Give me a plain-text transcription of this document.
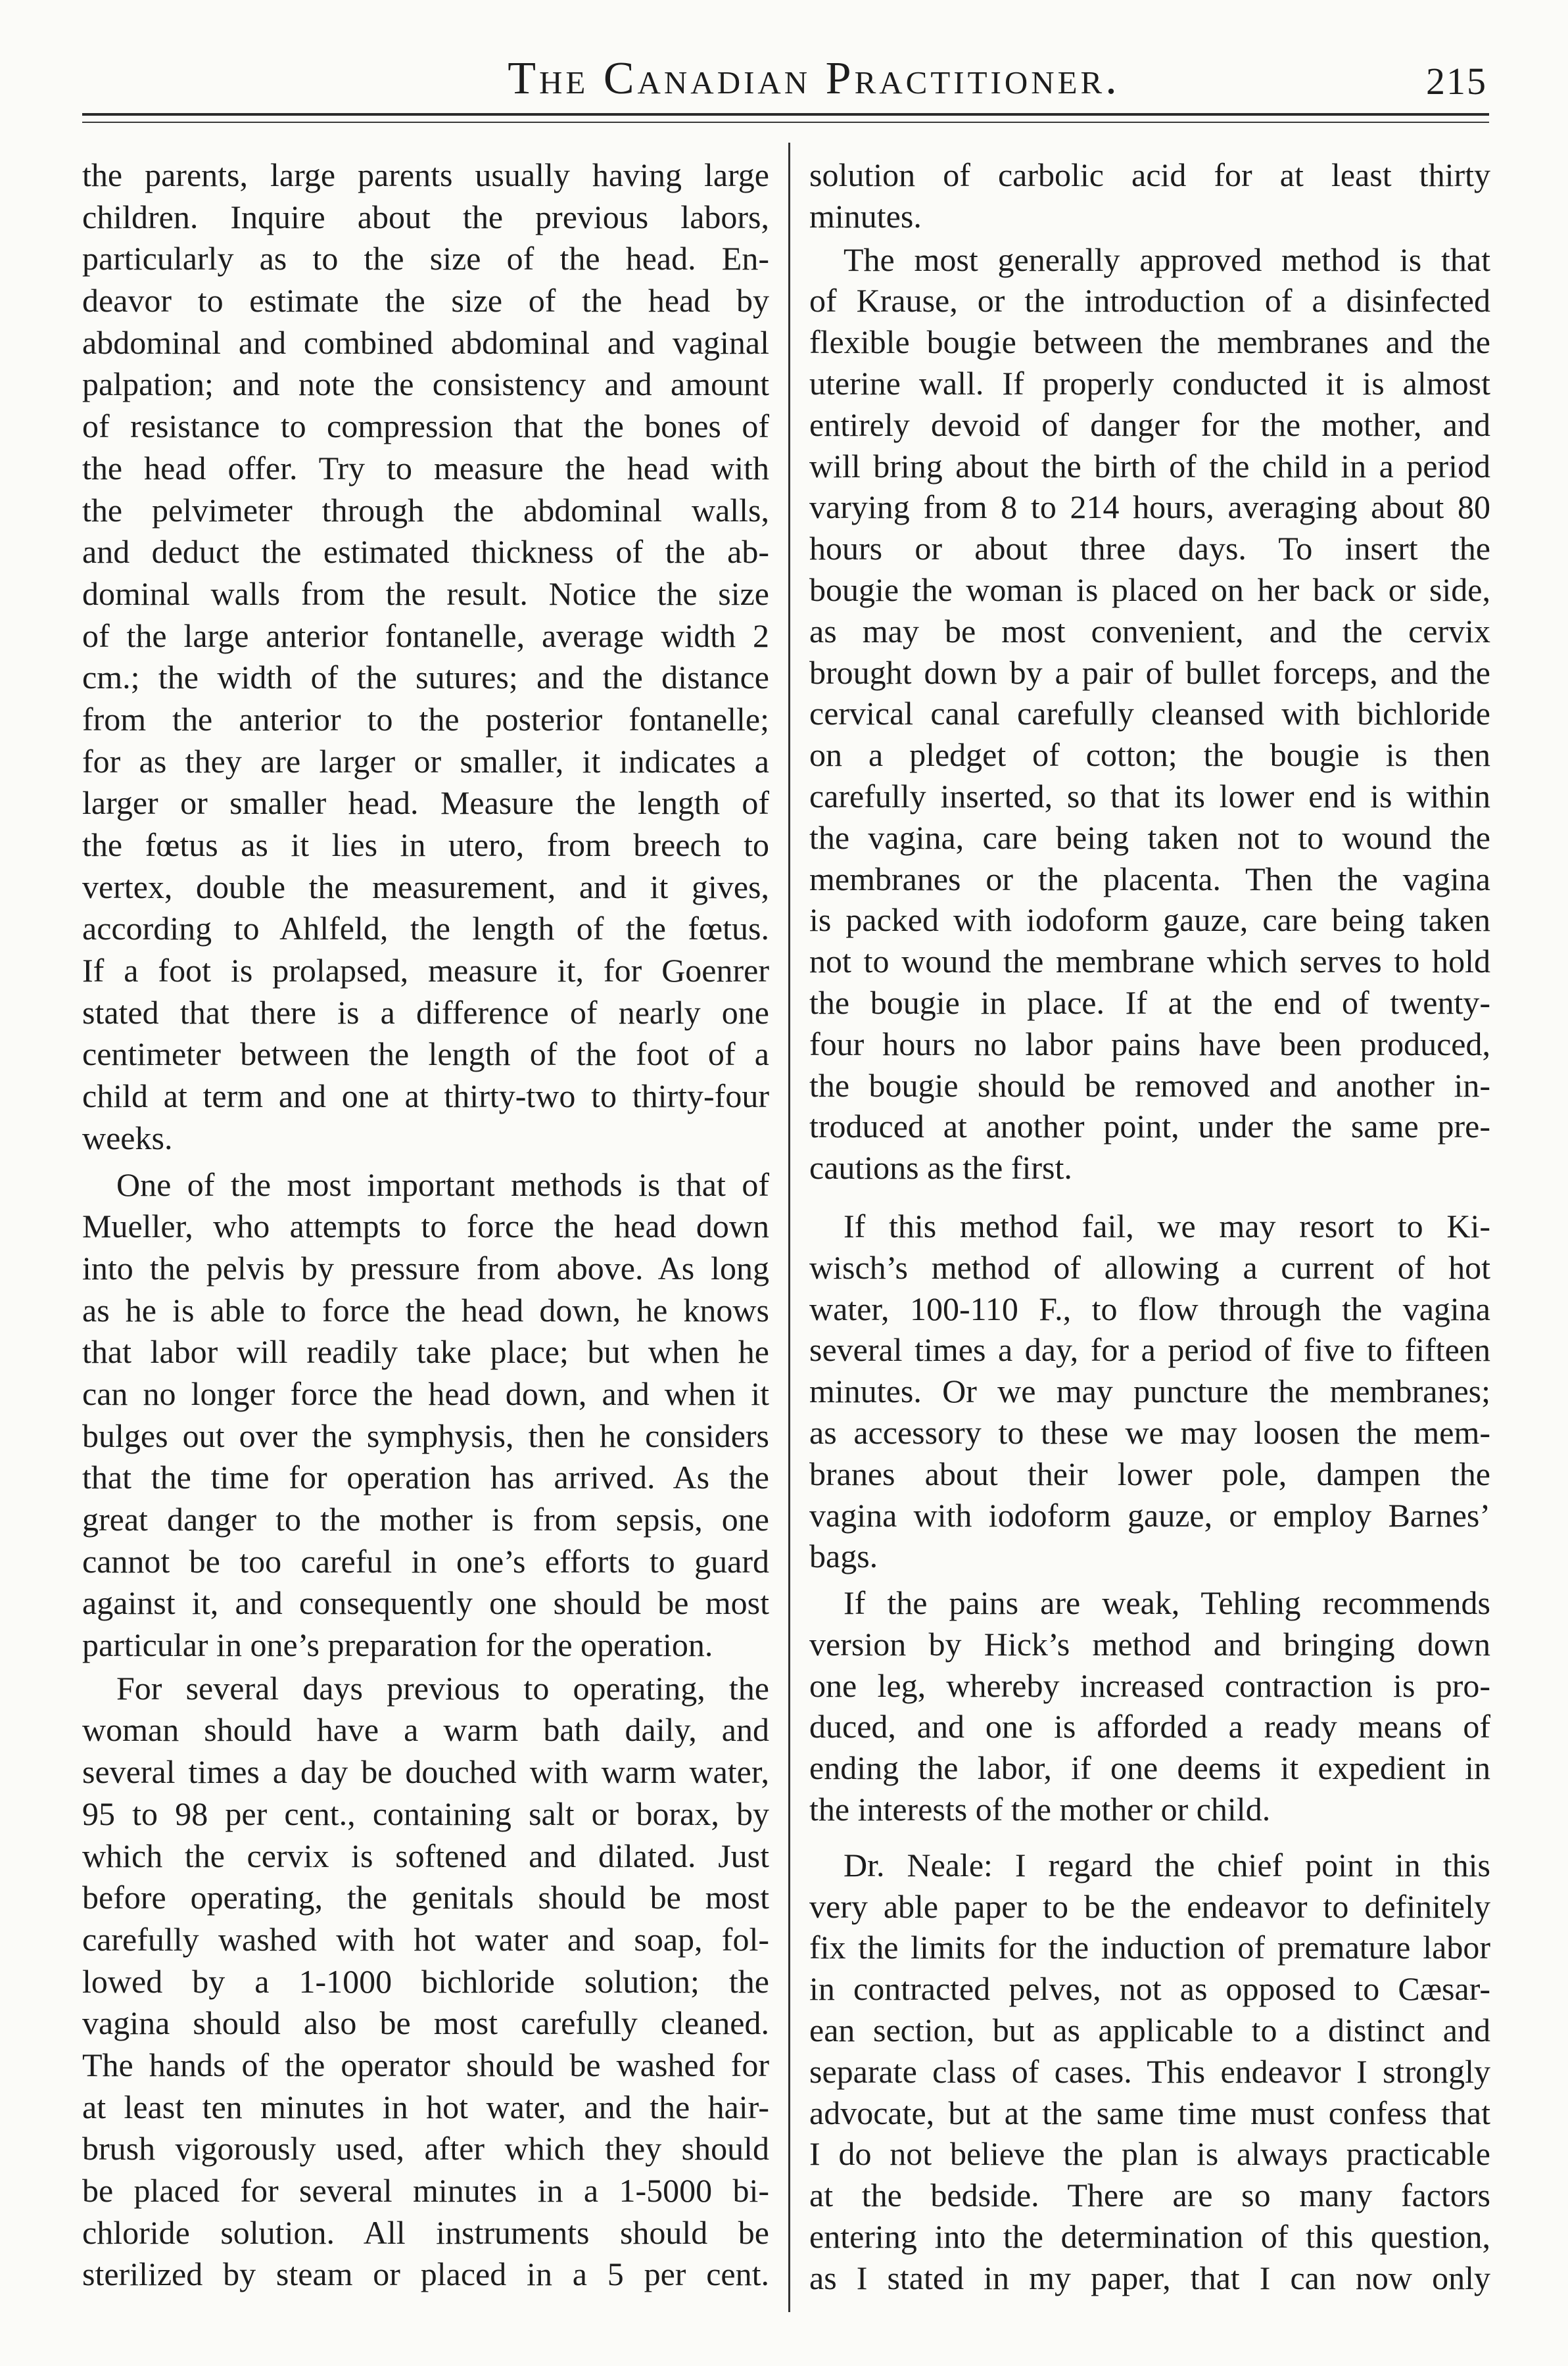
The Canadian Practitioner.	215
the parents, large parents usually having large
children. Inquire about the previous labors,
particularly as to the size of the head. En-
deavor to estimate the size of the head by
abdominal and combined abdominal and vaginal
palpation; and note the consistency and amount
of resistance to compression that the bones of
the head offer. Try to measure the head with
the pelvimeter through the abdominal walls,
and deduct the estimated thickness of the ab-
dominal walls from the result. Notice the size
of the large anterior fontanelle, average width 2
cm.; the width of the sutures; and the distance
from the anterior to the posterior fontanelle;
for as they are larger or smaller, it indicates a
larger or smaller head. Measure the length of
the fœtus as it lies in utero, from breech to
vertex, double the measurement, and it gives,
according to Ahlfeld, the length of the fœtus.
If a foot is prolapsed, measure it, for Goenrer
stated that there is a difference of nearly one
centimeter between the length of the foot of a
child at term and one at thirty-two to thirty-four
weeks.
One of the most important methods is that of
Mueller, who attempts to force the head down
into the pelvis by pressure from above. As long
as he is able to force the head down, he knows
that labor will readily take place; but when he
can no longer force the head down, and when it
bulges out over the symphysis, then he considers
that the time for operation has arrived. As the
great danger to the mother is from sepsis, one
cannot be too careful in one’s efforts to guard
against it, and consequently one should be most
particular in one’s preparation for the operation.
For several days previous to operating, the
woman should have a warm bath daily, and
several times a day be douched with warm water,
95 to 98 per cent., containing salt or borax, by
which the cervix is softened and dilated. Just
before operating, the genitals should be most
carefully washed with hot water and soap, fol-
lowed by a 1-1000 bichloride solution; the
vagina should also be most carefully cleaned.
The hands of the operator should be washed for
at least ten minutes in hot water, and the hair-
brush vigorously used, after which they should
be placed for several minutes in a 1-5000 bi-
chloride solution. All instruments should be
sterilized by steam or placed in a 5 per cent.
solution of carbolic acid for at least thirty
minutes.
The most generally approved method is that
of Krause, or the introduction of a disinfected
flexible bougie between the membranes and the
uterine wall. If properly conducted it is almost
entirely devoid of danger for the mother, and
will bring about the birth of the child in a period
varying from 8 to 214 hours, averaging about 80
hours or about three days. To insert the
bougie the woman is placed on her back or side,
as may be most convenient, and the cervix
brought down by a pair of bullet forceps, and the
cervical canal carefully cleansed with bichloride
on a pledget of cotton; the bougie is then
carefully inserted, so that its lower end is within
the vagina, care being taken not to wound the
membranes or the placenta. Then the vagina
is packed with iodoform gauze, care being taken
not to wound the membrane which serves to hold
the bougie in place. If at the end of twenty-
four hours no labor pains have been produced,
the bougie should be removed and another in-
troduced at another point, under the same pre-
cautions as the first.
If this method fail, we may resort to Ki-
wisch’s method of allowing a current of hot
water, 100-110 F., to flow through the vagina
several times a day, for a period of five to fifteen
minutes. Or we may puncture the membranes;
as accessory to these we may loosen the mem-
branes about their lower pole, dampen the
vagina with iodoform gauze, or employ Barnes’
bags.
If the pains are weak, Tehling recommends
version by Hick’s method and bringing down
one leg, whereby increased contraction is pro-
duced, and one is afforded a ready means of
ending the labor, if one deems it expedient in
the interests of the mother or child.
Dr. Neale: I regard the chief point in this
very able paper to be the endeavor to definitely
fix the limits for the induction of premature labor
in contracted pelves, not as opposed to Cæsar-
ean section, but as applicable to a distinct and
separate class of cases. This endeavor I strongly
advocate, but at the same time must confess that
I do not believe the plan is always practicable
at the bedside. There are so many factors
entering into the determination of this question,
as I stated in my paper, that I can now only
